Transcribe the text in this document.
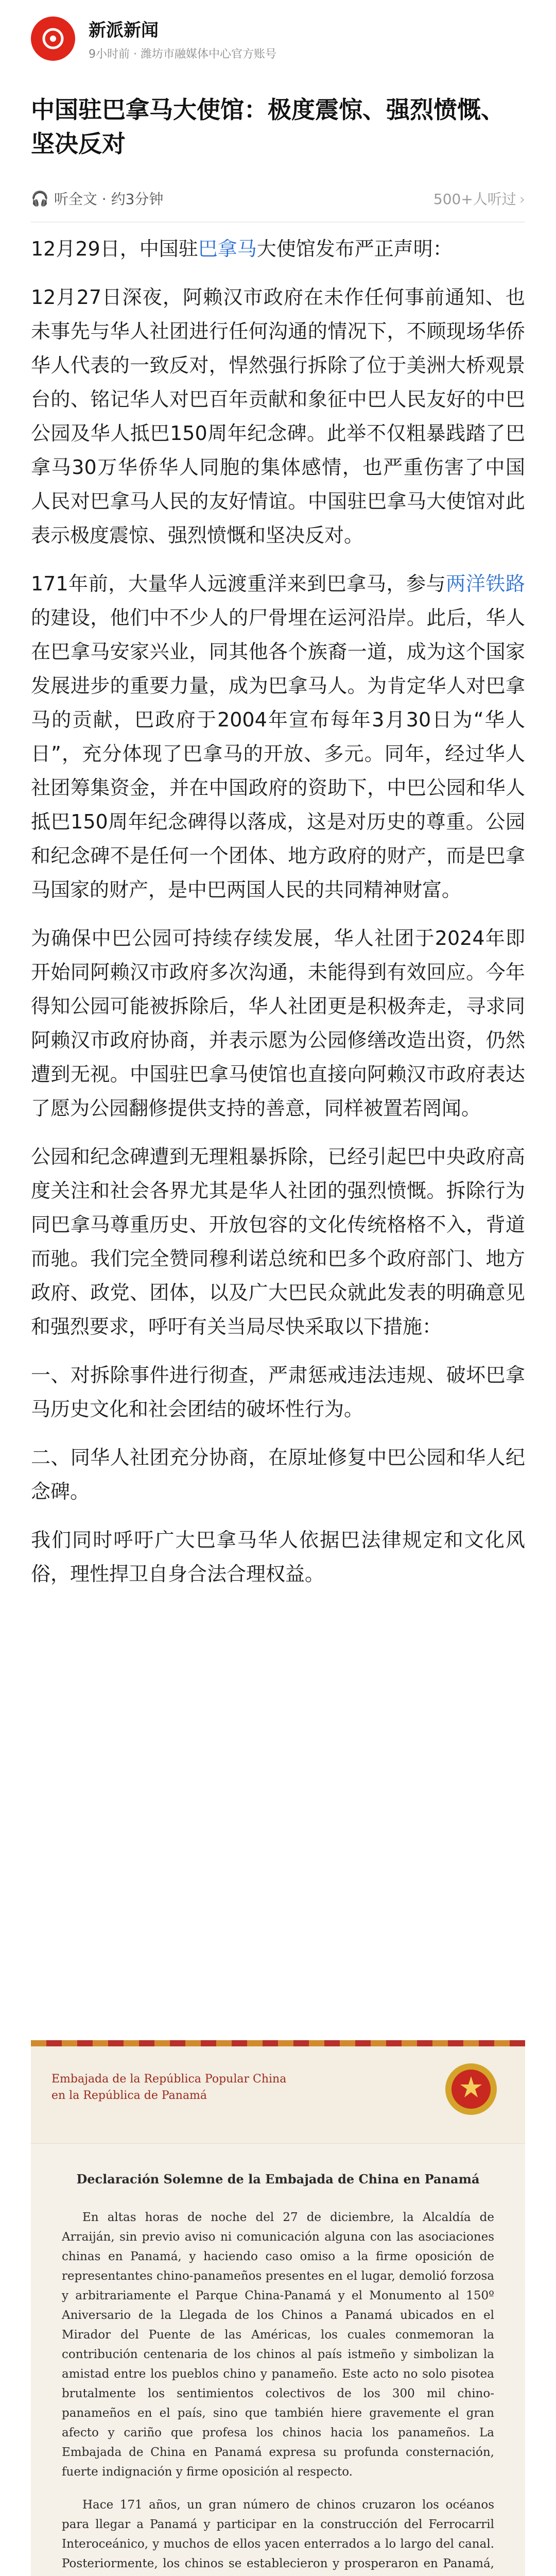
新派新闻
9小时前 · 潍坊市融媒体中心官方账号
中国驻巴拿马大使馆：极度震惊、强烈愤慨、坚决反对
🎧 听全文 · 约3分钟	500+人听过 ›

12月29日，中国驻巴拿马大使馆发布严正声明：

12月27日深夜，阿赖汉市政府在未作任何事前通知、也未事先与华人社团进行任何沟通的情况下，不顾现场华侨华人代表的一致反对，悍然强行拆除了位于美洲大桥观景台的、铭记华人对巴百年贡献和象征中巴人民友好的中巴公园及华人抵巴150周年纪念碑。此举不仅粗暴践踏了巴拿马30万华侨华人同胞的集体感情，也严重伤害了中国人民对巴拿马人民的友好情谊。中国驻巴拿马大使馆对此表示极度震惊、强烈愤慨和坚决反对。

171年前，大量华人远渡重洋来到巴拿马，参与两洋铁路的建设，他们中不少人的尸骨埋在运河沿岸。此后，华人在巴拿马安家兴业，同其他各个族裔一道，成为这个国家发展进步的重要力量，成为巴拿马人。为肯定华人对巴拿马的贡献，巴政府于2004年宣布每年3月30日为“华人日”，充分体现了巴拿马的开放、多元。同年，经过华人社团筹集资金，并在中国政府的资助下，中巴公园和华人抵巴150周年纪念碑得以落成，这是对历史的尊重。公园和纪念碑不是任何一个团体、地方政府的财产，而是巴拿马国家的财产，是中巴两国人民的共同精神财富。

为确保中巴公园可持续存续发展，华人社团于2024年即开始同阿赖汉市政府多次沟通，未能得到有效回应。今年得知公园可能被拆除后，华人社团更是积极奔走，寻求同阿赖汉市政府协商，并表示愿为公园修缮改造出资，仍然遭到无视。中国驻巴拿马使馆也直接向阿赖汉市政府表达了愿为公园翻修提供支持的善意，同样被置若罔闻。

公园和纪念碑遭到无理粗暴拆除，已经引起巴中央政府高度关注和社会各界尤其是华人社团的强烈愤慨。拆除行为同巴拿马尊重历史、开放包容的文化传统格格不入，背道而驰。我们完全赞同穆利诺总统和巴多个政府部门、地方政府、政党、团体，以及广大巴民众就此发表的明确意见和强烈要求，呼吁有关当局尽快采取以下措施：

一、对拆除事件进行彻查，严肃惩戒违法违规、破坏巴拿马历史文化和社会团结的破坏性行为。

二、同华人社团充分协商，在原址修复中巴公园和华人纪念碑。

我们同时呼吁广大巴拿马华人依据巴法律规定和文化风俗，理性捍卫自身合法合理权益。

Embajada de la República Popular China
en la República de Panamá

Declaración Solemne de la Embajada de China en Panamá

En altas horas de noche del 27 de diciembre, la Alcaldía de Arraiján, sin previo aviso ni comunicación alguna con las asociaciones chinas en Panamá, y haciendo caso omiso a la firme oposición de representantes chino-panameños presentes en el lugar, demolió forzosa y arbitrariamente el Parque China-Panamá y el Monumento al 150º Aniversario de la Llegada de los Chinos a Panamá ubicados en el Mirador del Puente de las Américas, los cuales conmemoran la contribución centenaria de los chinos al país istmeño y simbolizan la amistad entre los pueblos chino y panameño. Este acto no solo pisotea brutalmente los sentimientos colectivos de los 300 mil chino-panameños en el país, sino que también hiere gravemente el gran afecto y cariño que profesa los chinos hacia los panameños. La Embajada de China en Panamá expresa su profunda consternación, fuerte indignación y firme oposición al respecto.

Hace 171 años, un gran número de chinos cruzaron los océanos para llegar a Panamá y participar en la construcción del Ferrocarril Interoceánico, y muchos de ellos yacen enterrados a lo largo del canal. Posteriormente, los chinos se establecieron y prosperaron en Panamá,
